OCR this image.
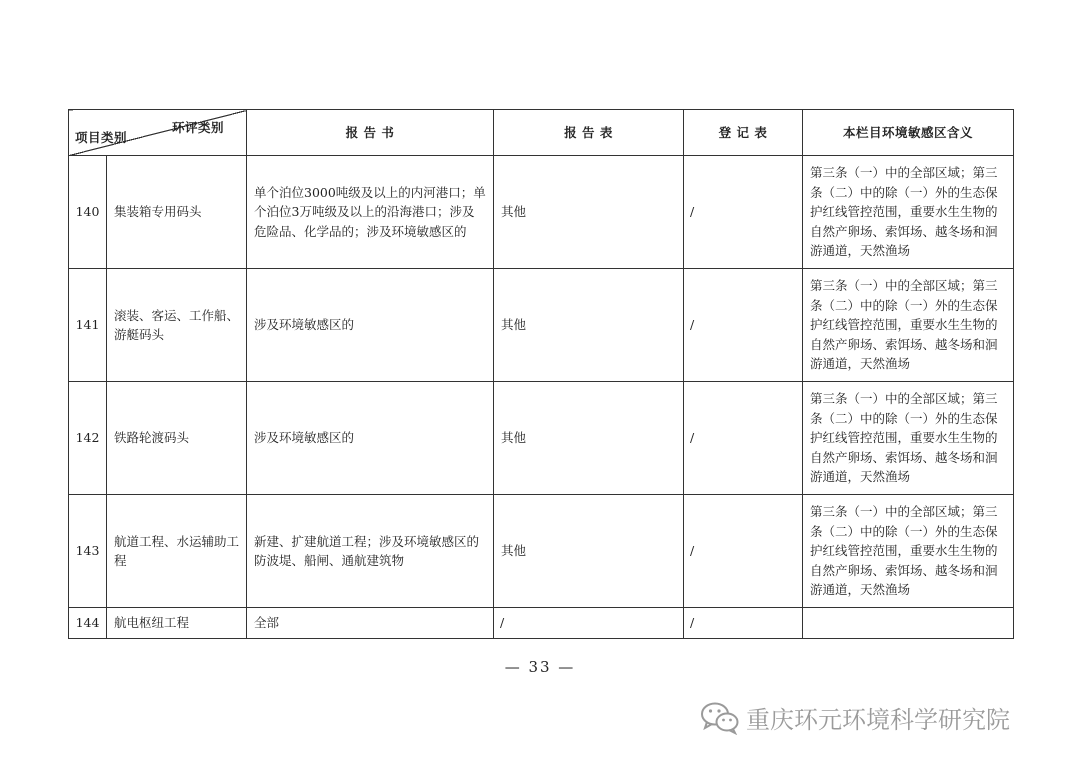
环评类别
项目类别		报 告 书	报 告 表	登 记 表	本栏目环境敏感区含义
140	集装箱专用码头	单个泊位3000吨级及以上的内河港口；单个泊位3万吨级及以上的沿海港口；涉及危险品、化学品的；涉及环境敏感区的	其他	/	第三条（一）中的全部区域；第三条（二）中的除（一）外的生态保护红线管控范围，重要水生生物的自然产卵场、索饵场、越冬场和洄游通道，天然渔场
141	滚装、客运、工作船、游艇码头	涉及环境敏感区的	其他	/	第三条（一）中的全部区域；第三条（二）中的除（一）外的生态保护红线管控范围，重要水生生物的自然产卵场、索饵场、越冬场和洄游通道，天然渔场
142	铁路轮渡码头	涉及环境敏感区的	其他	/	第三条（一）中的全部区域；第三条（二）中的除（一）外的生态保护红线管控范围，重要水生生物的自然产卵场、索饵场、越冬场和洄游通道，天然渔场
143	航道工程、水运辅助工程	新建、扩建航道工程；涉及环境敏感区的防波堤、船闸、通航建筑物	其他	/	第三条（一）中的全部区域；第三条（二）中的除（一）外的生态保护红线管控范围，重要水生生物的自然产卵场、索饵场、越冬场和洄游通道，天然渔场
144	航电枢纽工程	全部	/	/	
— 33 —
重庆环元环境科学研究院
